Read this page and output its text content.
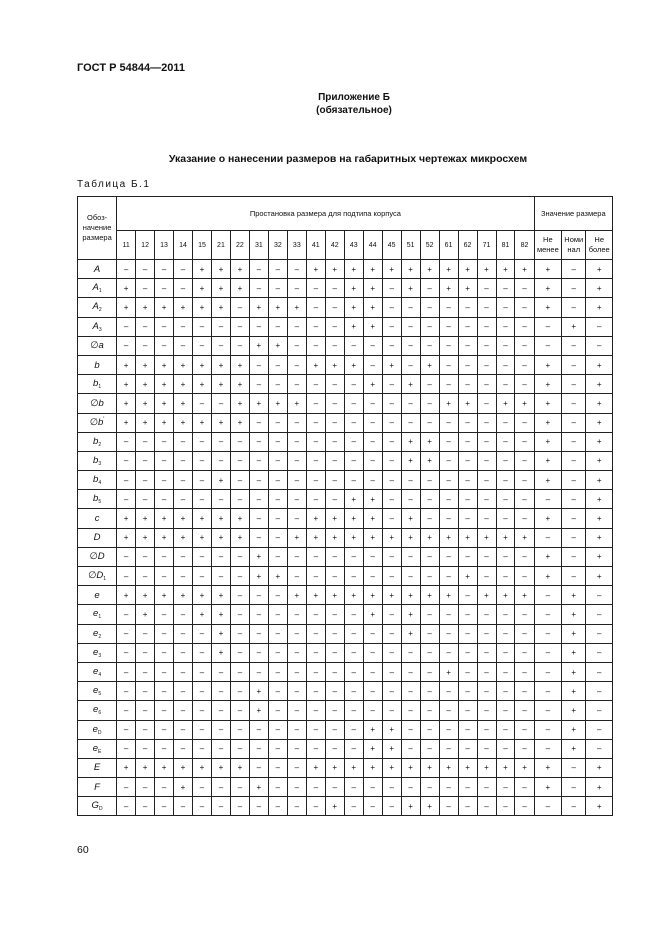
ГОСТ Р 54844—2011
Приложение Б
(обязательное)
Указание о нанесении размеров на габаритных чертежах микросхем
Таблица Б.1
Обоз-начение размера	Простановка размера для подтипа корпуса																						Значение размера		
	11	12	13	14	15	21	22	31	32	33	41	42	43	44	45	51	52	61	62	71	81	82	Не менее	Номи нал	Не более
A	–	–	–	–	+	+	+	–	–	–	+	+	+	+	+	+	+	+	+	+	+	+	+	–	+
$A_1$	+	–	–	–	+	+	+	–	–	–	–	–	+	+	–	+	–	+	+	–	–	–	+	–	+
$A_2$	+	+	+	+	+	+	–	+	+	+	–	–	+	+	–	–	–	–	–	–	–	–	+	–	+
$A_3$	–	–	–	–	–	–	–	–	–	–	–	–	+	+	–	–	–	–	–	–	–	–	–	+	–
∅a	–	–	–	–	–	–	–	+	+	–	–	–	–	–	–	–	–	–	–	–	–	–	–	–	–
b	+	+	+	+	+	+	+	–	–	–	+	+	+	–	+	–	+	–	–	–	–	–	+	–	+
$b_1$	+	+	+	+	+	+	+	–	–	–	–	–	–	+	–	+	–	–	–	–	–	–	+	–	+
∅b	+	+	+	+	–	–	+	+	+	+	–	–	–	–	–	–	–	+	+	–	+	+	+	–	+
∅b'	+	+	+	+	+	+	+	–	–	–	–	–	–	–	–	–	–	–	–	–	–	–	+	–	+
$b_2$	–	–	–	–	–	–	–	–	–	–	–	–	–	–	–	+	+	–	–	–	–	–	+	–	+
$b_3$	–	–	–	–	–	–	–	–	–	–	–	–	–	–	–	+	+	–	–	–	–	–	+	–	+
$b_4$	–	–	–	–	–	+	–	–	–	–	–	–	–	–	–	–	–	–	–	–	–	–	+	–	+
$b_5$	–	–	–	–	–	–	–	–	–	–	–	–	+	+	–	–	–	–	–	–	–	–	–	–	+
c	+	+	+	+	+	+	+	–	–	–	+	+	+	+	–	+	–	–	–	–	–	–	+	–	+
D	+	+	+	+	+	+	+	–	–	+	+	+	+	+	+	+	+	+	+	+	+	+	–	–	+
∅D	–	–	–	–	–	–	–	+	–	–	–	–	–	–	–	–	–	–	–	–	–	–	+	–	+
$\emptyset D_1$	–	–	–	–	–	–	–	+	+	–	–	–	–	–	–	–	–	–	+	–	–	–	+	–	+
e	+	+	+	+	+	+	–	–	–	+	+	+	+	+	+	+	+	+	–	+	+	+	–	+	–
$e_1$	–	+	–	–	+	+	–	–	–	–	–	–	–	+	–	+	–	–	–	–	–	–	–	+	–
$e_2$	–	–	–	–	–	+	–	–	–	–	–	–	–	–	–	+	–	–	–	–	–	–	–	+	–
$e_3$	–	–	–	–	–	+	–	–	–	–	–	–	–	–	–	–	–	–	–	–	–	–	–	+	–
$e_4$	–	–	–	–	–	–	–	–	–	–	–	–	–	–	–	–	–	+	–	–	–	–	–	+	–
$e_5$	–	–	–	–	–	–	–	+	–	–	–	–	–	–	–	–	–	–	–	–	–	–	–	+	–
$e_6$	–	–	–	–	–	–	–	+	–	–	–	–	–	–	–	–	–	–	–	–	–	–	–	+	–
$e_D$	–	–	–	–	–	–	–	–	–	–	–	–	–	+	+	–	–	–	–	–	–	–	–	+	–
$e_E$	–	–	–	–	–	–	–	–	–	–	–	–	–	+	+	–	–	–	–	–	–	–	–	+	–
E	+	+	+	+	+	+	+	–	–	–	+	+	+	+	+	+	+	+	+	+	+	+	+	–	+
F	–	–	–	+	–	–	–	+	–	–	–	–	–	–	–	–	–	–	–	–	–	–	+	–	+
$G_D$	–	–	–	–	–	–	–	–	–	–	–	+	–	–	–	+	+	–	–	–	–	–	–	–	+
60
